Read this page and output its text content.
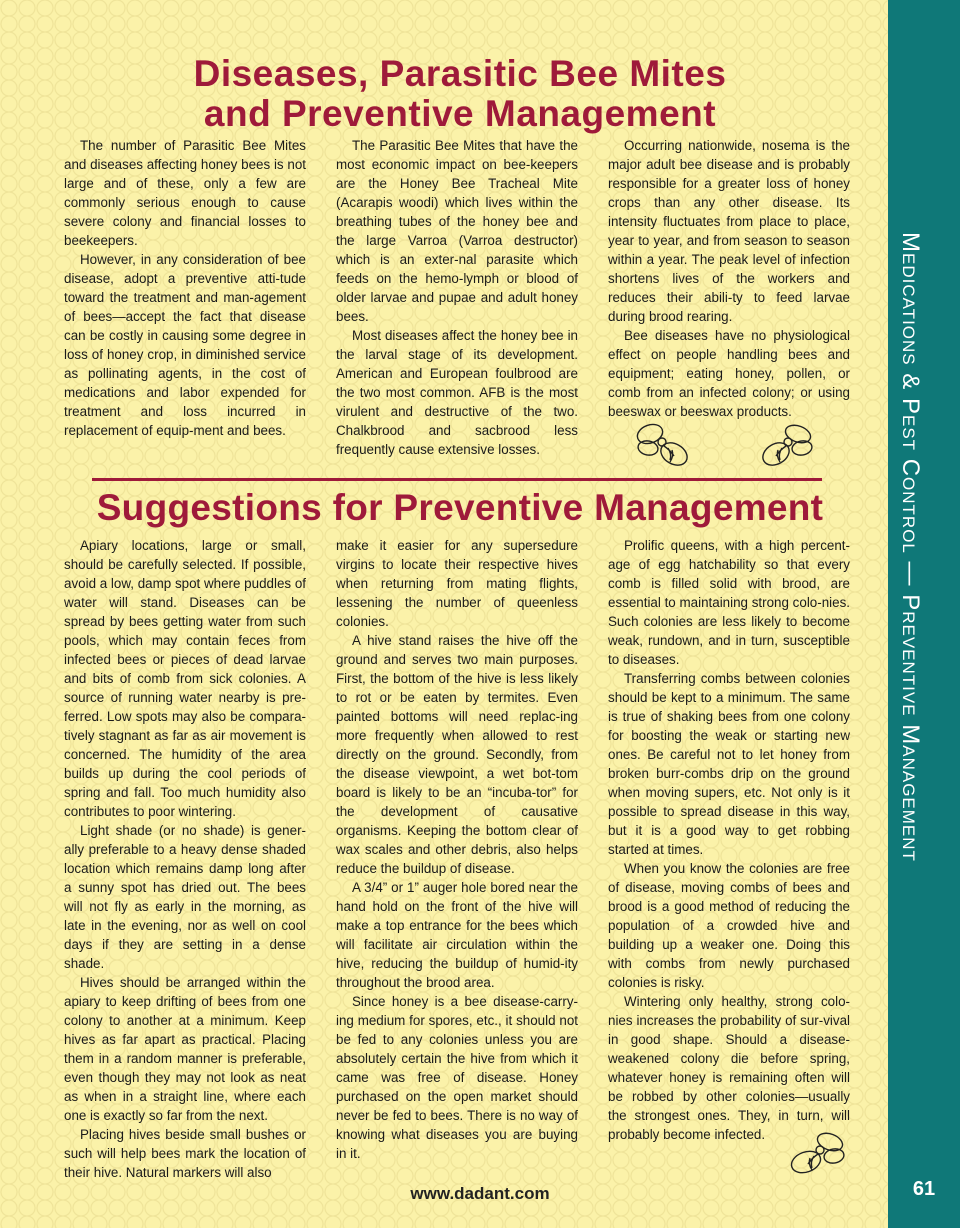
Medications & Pest Control — Preventive Management
61
Diseases, Parasitic Bee Mites
and Preventive Management

The number of Parasitic Bee Mites and diseases affecting honey bees is not large and of these, only a few are commonly serious enough to cause severe colony and financial losses to beekeepers.

However, in any consideration of bee disease, adopt a preventive atti-tude toward the treatment and man-agement of bees—accept the fact that disease can be costly in causing some degree in loss of honey crop, in diminished service as pollinating agents, in the cost of medications and labor expended for treatment and loss incurred in replacement of equip-ment and bees.

The Parasitic Bee Mites that have the most economic impact on bee-keepers are the Honey Bee Tracheal Mite (Acarapis woodi) which lives within the breathing tubes of the honey bee and the large Varroa (Varroa destructor) which is an exter-nal parasite which feeds on the hemo-lymph or blood of older larvae and pupae and adult honey bees.

Most diseases affect the honey bee in the larval stage of its development. American and European foulbrood are the two most common. AFB is the most virulent and destructive of the two. Chalkbrood and sacbrood less frequently cause extensive losses.

Occurring nationwide, nosema is the major adult bee disease and is probably responsible for a greater loss of honey crops than any other disease. Its intensity fluctuates from place to place, year to year, and from season to season within a year. The peak level of infection shortens lives of the workers and reduces their abili-ty to feed larvae during brood rearing.

Bee diseases have no physiological effect on people handling bees and equipment; eating honey, pollen, or comb from an infected colony; or using beeswax or beeswax products.

Suggestions for Preventive Management

Apiary locations, large or small, should be carefully selected. If possible, avoid a low, damp spot where puddles of water will stand. Diseases can be spread by bees getting water from such pools, which may contain feces from infected bees or pieces of dead larvae and bits of comb from sick colonies. A source of running water nearby is pre-ferred. Low spots may also be compara-tively stagnant as far as air movement is concerned. The humidity of the area builds up during the cool periods of spring and fall. Too much humidity also contributes to poor wintering.

Light shade (or no shade) is gener-ally preferable to a heavy dense shaded location which remains damp long after a sunny spot has dried out. The bees will not fly as early in the morning, as late in the evening, nor as well on cool days if they are setting in a dense shade.

Hives should be arranged within the apiary to keep drifting of bees from one colony to another at a minimum. Keep hives as far apart as practical. Placing them in a random manner is preferable, even though they may not look as neat as when in a straight line, where each one is exactly so far from the next.

Placing hives beside small bushes or such will help bees mark the location of their hive. Natural markers will also

make it easier for any supersedure virgins to locate their respective hives when returning from mating flights, lessening the number of queenless colonies.

A hive stand raises the hive off the ground and serves two main purposes. First, the bottom of the hive is less likely to rot or be eaten by termites. Even painted bottoms will need replac-ing more frequently when allowed to rest directly on the ground. Secondly, from the disease viewpoint, a wet bot-tom board is likely to be an “incuba-tor” for the development of causative organisms. Keeping the bottom clear of wax scales and other debris, also helps reduce the buildup of disease.

A 3/4” or 1” auger hole bored near the hand hold on the front of the hive will make a top entrance for the bees which will facilitate air circulation within the hive, reducing the buildup of humid-ity throughout the brood area.

Since honey is a bee disease-carry-ing medium for spores, etc., it should not be fed to any colonies unless you are absolutely certain the hive from which it came was free of disease. Honey purchased on the open market should never be fed to bees. There is no way of knowing what diseases you are buying in it.

Prolific queens, with a high percent-age of egg hatchability so that every comb is filled solid with brood, are essential to maintaining strong colo-nies. Such colonies are less likely to become weak, rundown, and in turn, susceptible to diseases.

Transferring combs between colonies should be kept to a minimum. The same is true of shaking bees from one colony for boosting the weak or starting new ones. Be careful not to let honey from broken burr-combs drip on the ground when moving supers, etc. Not only is it possible to spread disease in this way, but it is a good way to get robbing started at times.

When you know the colonies are free of disease, moving combs of bees and brood is a good method of reducing the population of a crowded hive and building up a weaker one. Doing this with combs from newly purchased colonies is risky.

Wintering only healthy, strong colo-nies increases the probability of sur-vival in good shape. Should a disease-weakened colony die before spring, whatever honey is remaining often will be robbed by other colonies—usually the strongest ones. They, in turn, will probably become infected.

www.dadant.com
